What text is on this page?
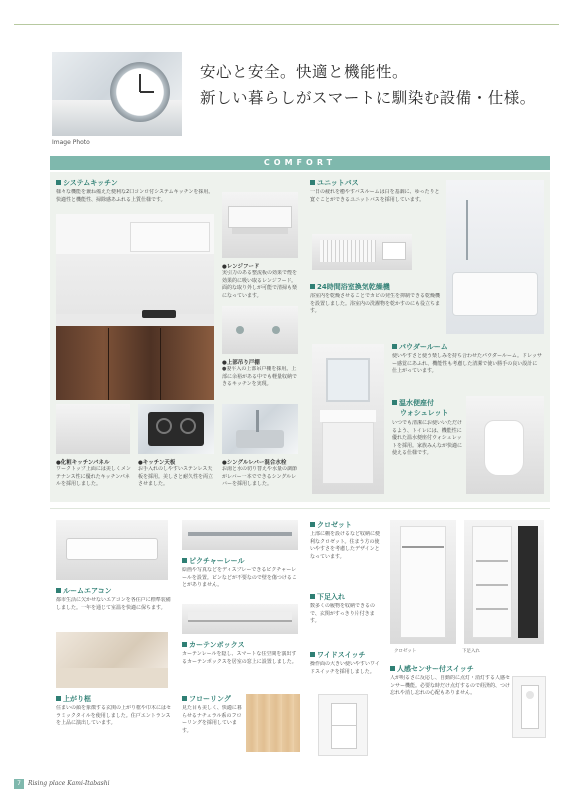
Image Photo
安心と安全。快適と機能性。
新しい暮らしがスマートに馴染む設備・仕様。
COMFORT
システムキッチン
様々な機能を兼ね備えた便利な2口コンロ付システムキッチンを採用。快適性と機能性、掃除感あふれる上質仕様です。
●レンジフード
実引力のある整流板の効果で煙を効果的に吸い取るレンジフード。面的な取り外しが可能で清掃も楽になっています。
●上部吊り戸棚
●妻平入の上部吊戸棚を採用。上部に余裕がある中でも軽量収納できるキッチンを実現。
●化粧キッチンパネル
ワークトップ上面には美しくメンテナンス性に優れたキッチンパネルを採用しました。
●キッチン天板
お手入れのしやすいステンレス天板を採用。美しさと耐久性を両立させました。
●シングルレバー混合水栓
お湯と水の切り替えや水量の調節がレバー一本でできるシングルレバーを採用しました。
ユニットバス
一日の疲れを癒やすバスルームは白を基調に、ゆったりと寛ぐことができるユニットバスを採用しています。
24時間浴室換気乾燥機
浴室内を乾燥させることでカビの発生を抑制できる乾燥機を設置しました。浴室内の洗濯物を乾かすのにも役立ちます。
パウダールーム
使いやすさと使う楽しみを持ち合わせたパウダールーム。ドレッサー感覚にあふれ、機能性も考慮した清潔で使い勝手の良い設計に仕上がっています。
温水便座付
ウォシュレット
いつでも清潔にお使いいただけるよう、トイレには、機能性に優れた温水便座付ウォシュレットを採用。家族みんなが快適に使える仕様です。
ルームエアコン
都市生活に欠かせないエアコンを各住戸に標準装備しました。一年を通じて室温を快適に保ちます。
上がり框
住まいの顔を象徴する玄関の上がり框や巾木にはセラミックタイルを使用しました。住戸エントランスを上品に演出しています。
ピクチャーレール
絵画や写真などをディスプレーできるピクチャーレールを設置。ピンなどが不要なので壁を傷つけることがありません。
カーテンボックス
カーテンレールを隠し、スマートな住空間を演出するカーテンボックスを居室の窓上に設置しました。
フローリング
見た目も美しく、快適に暮らせるナチュラル系のフローリングを採用しています。
クロゼット
上部に棚を設けるなど収納に便利なクロゼット。住まう方の使いやすさを考慮したデザインとなっています。
下足入れ
数多くの履物を収納できるので、玄関がすっきり片付きます。
ワイドスイッチ
操作面の大きい使いやすいワイドスイッチを採用しました。
クロゼット	下足入れ
人感センサー付スイッチ
人が明るさに反応し、自動的に点灯・消灯する人感センサー機能。必要な時だけ点灯するので経済的、つけ忘れや消し忘れの心配もありません。
7	Rising place Kami-Itabashi
